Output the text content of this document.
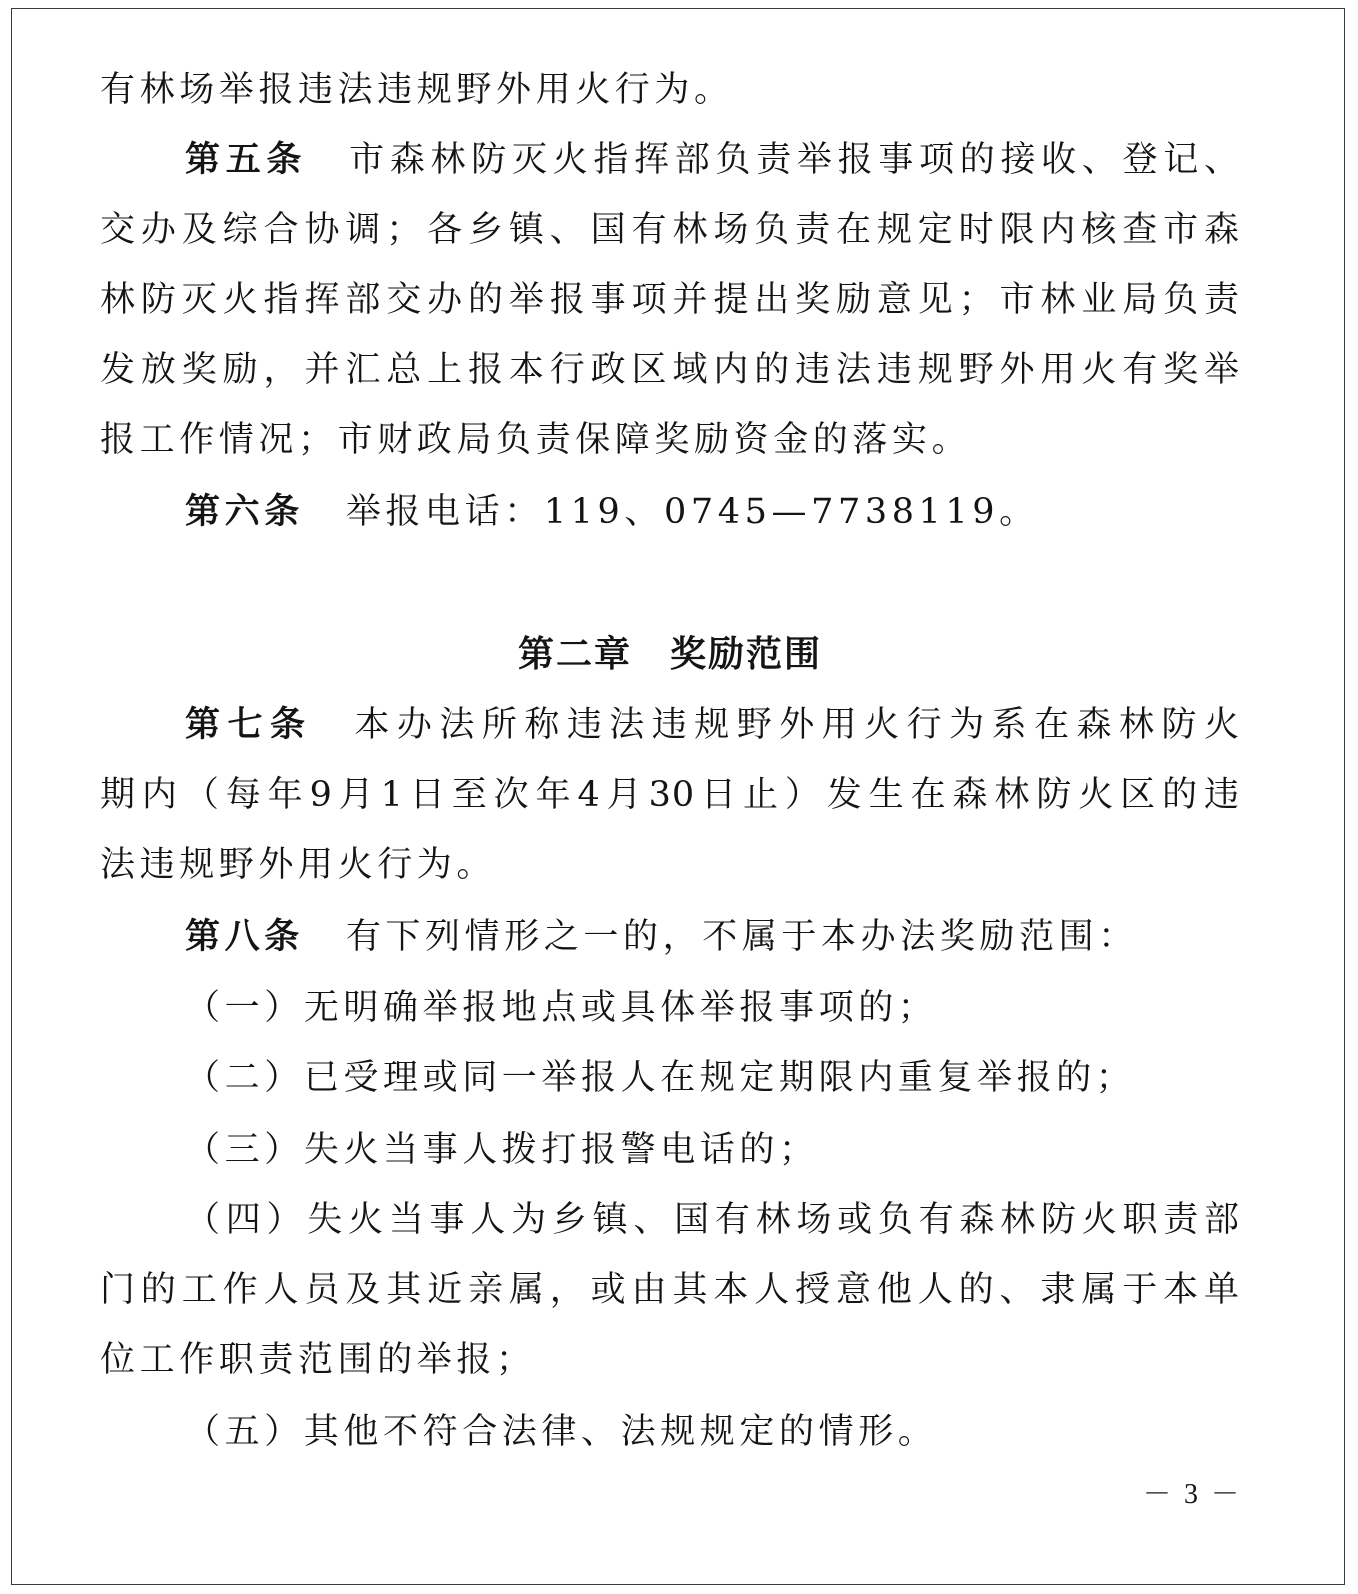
有林场举报违法违规野外用火行为。
第五条 市森林防灭火指挥部负责举报事项的接收、登记、
交办及综合协调；各乡镇、国有林场负责在规定时限内核查市森
林防灭火指挥部交办的举报事项并提出奖励意见；市林业局负责
发放奖励，并汇总上报本行政区域内的违法违规野外用火有奖举
报工作情况；市财政局负责保障奖励资金的落实。
第六条 举报电话：119、0745—7738119。
第二章　奖励范围
第七条 本办法所称违法违规野外用火行为系在森林防火
期内（每年9月1日至次年4月30日止）发生在森林防火区的违
法违规野外用火行为。
第八条 有下列情形之一的，不属于本办法奖励范围：
（一）无明确举报地点或具体举报事项的；
（二）已受理或同一举报人在规定期限内重复举报的；
（三）失火当事人拨打报警电话的；
（四）失火当事人为乡镇、国有林场或负有森林防火职责部
门的工作人员及其近亲属，或由其本人授意他人的、隶属于本单
位工作职责范围的举报；
（五）其他不符合法律、法规规定的情形。
－ 3 －
